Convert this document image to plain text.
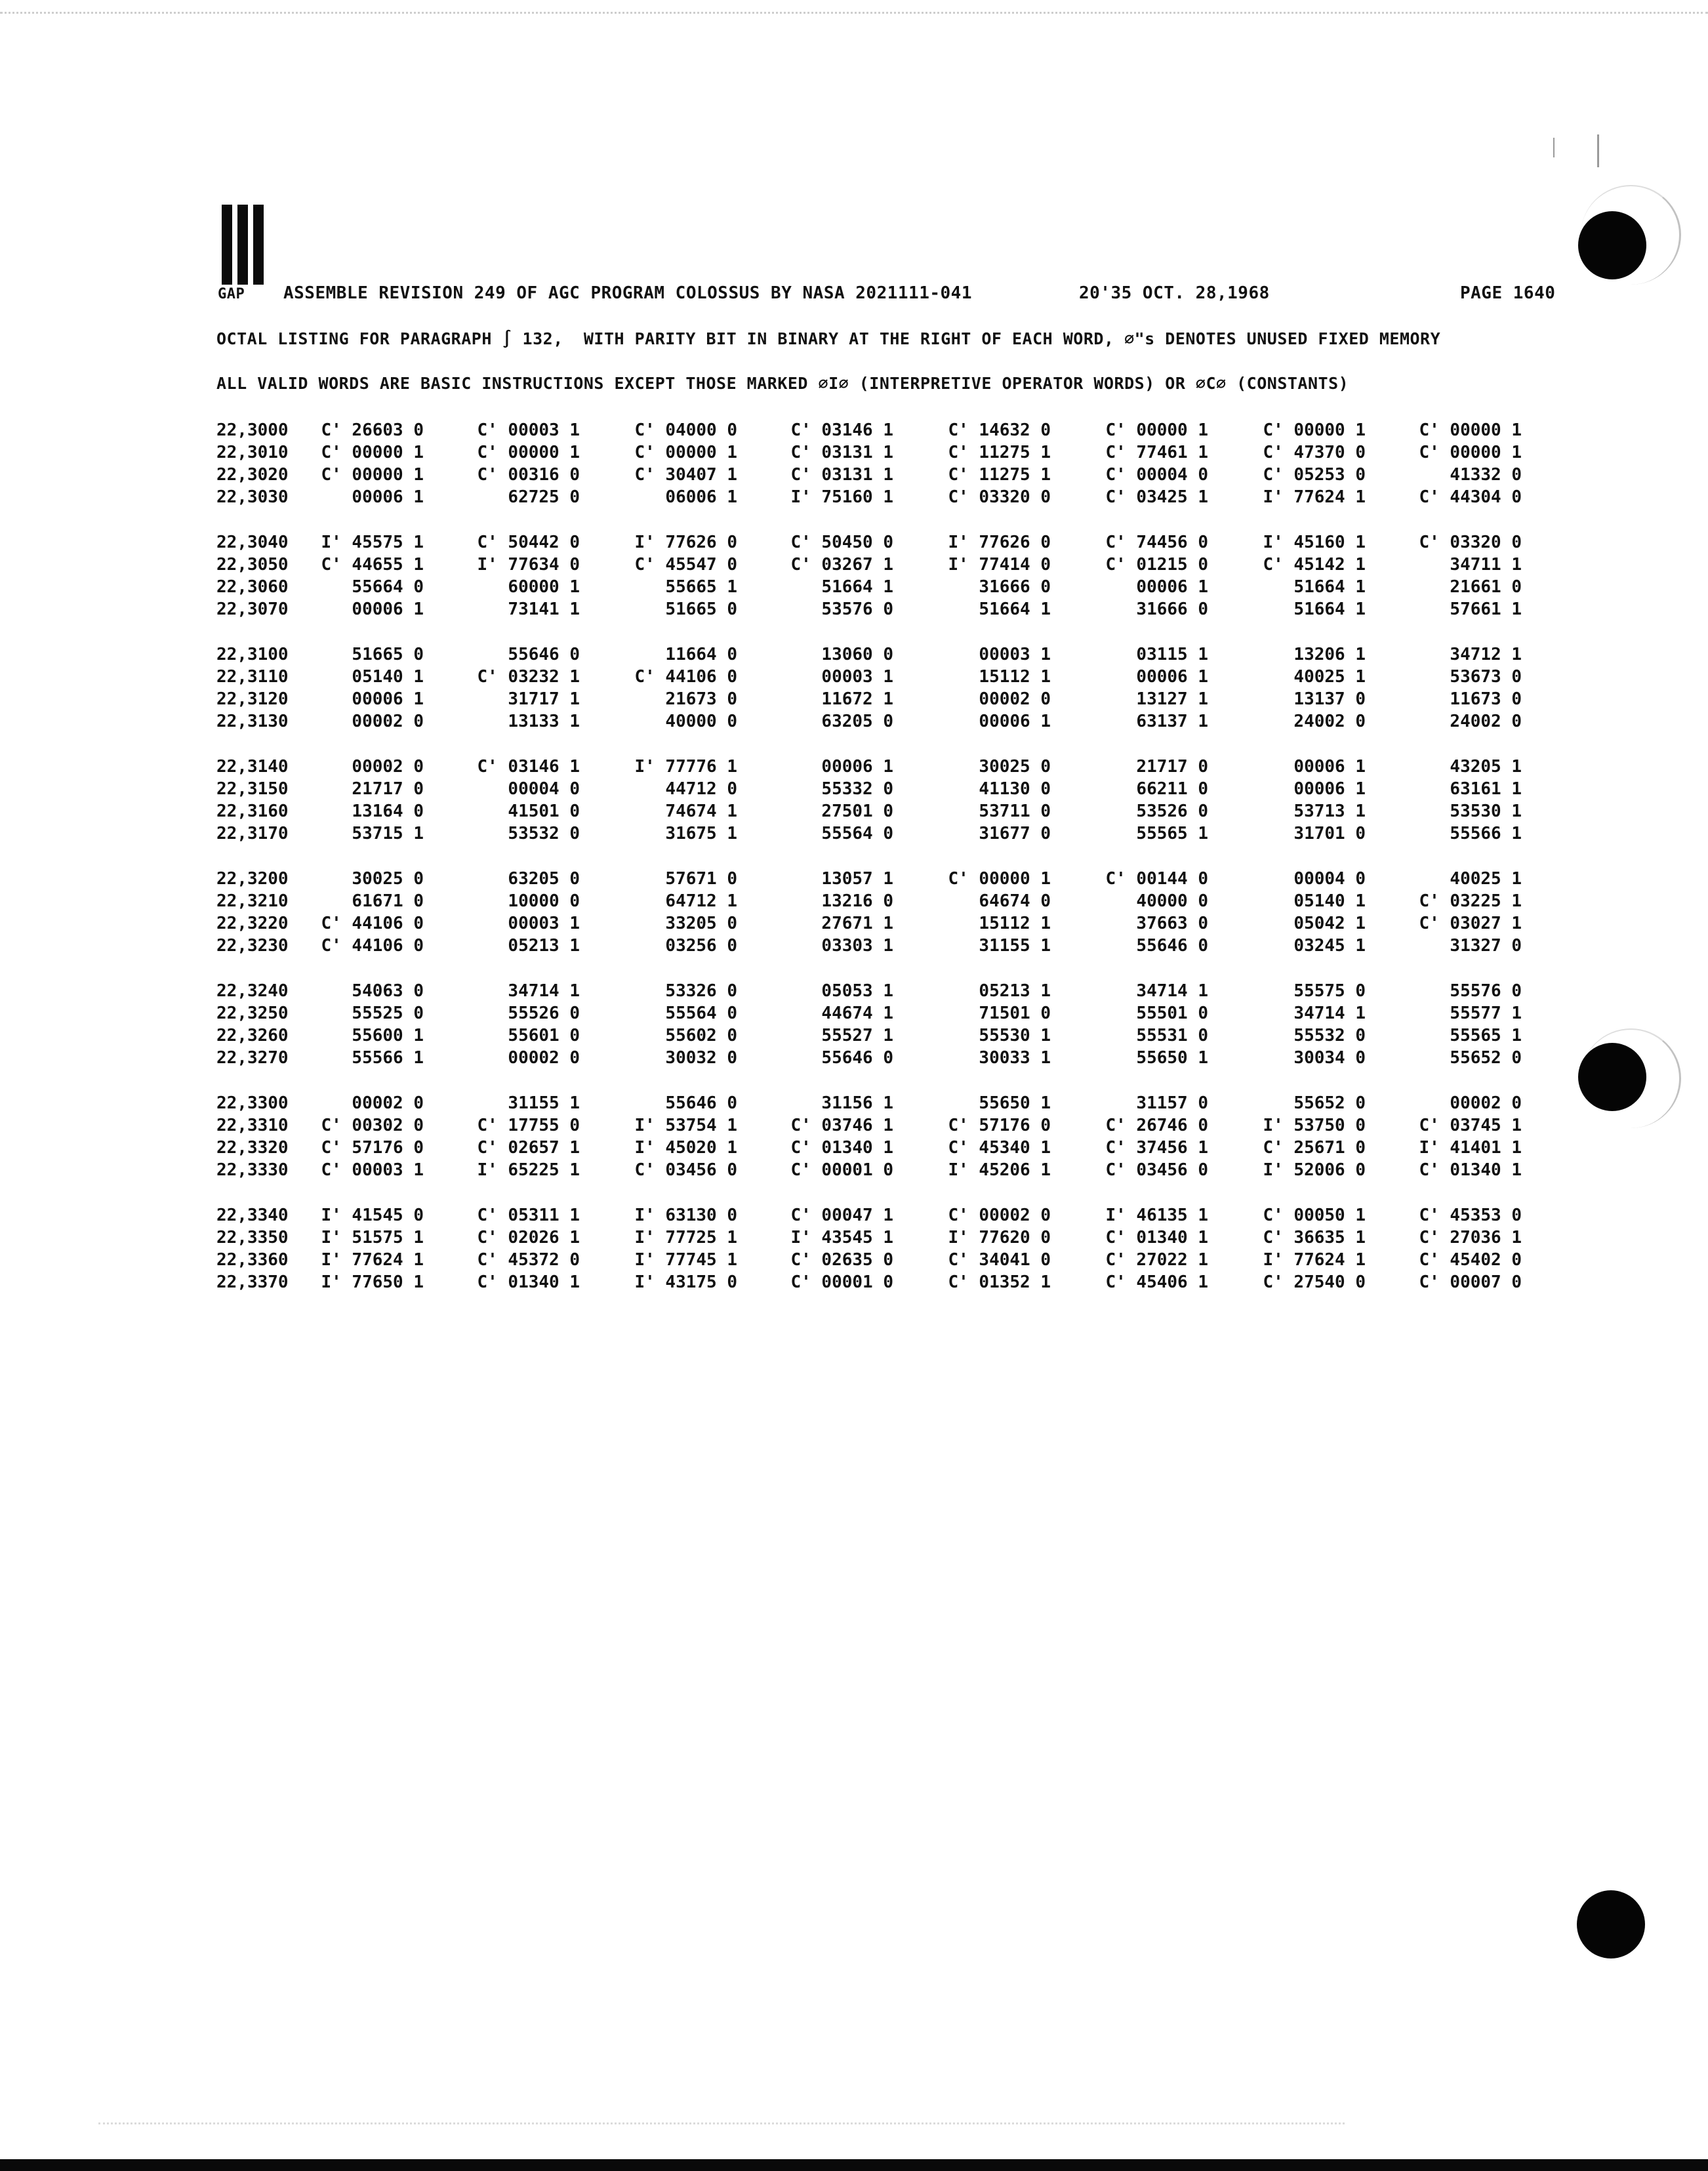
GAP ASSEMBLE REVISION 249 OF AGC PROGRAM COLOSSUS BY NASA 2021111-041	20'35 OCT. 28,1968	PAGE 1640
OCTAL LISTING FOR PARAGRAPH ∫ 132,  WITH PARITY BIT IN BINARY AT THE RIGHT OF EACH WORD, ∅"s DENOTES UNUSED FIXED MEMORY
ALL VALID WORDS ARE BASIC INSTRUCTIONS EXCEPT THOSE MARKED ∅I∅ (INTERPRETIVE OPERATOR WORDS) OR ∅C∅ (CONSTANTS)
22,3000	C' 26603 0	C' 00003 1	C' 04000 0	C' 03146 1	C' 14632 0	C' 00000 1	C' 00000 1	C' 00000 1
22,3010	C' 00000 1	C' 00000 1	C' 00000 1	C' 03131 1	C' 11275 1	C' 77461 1	C' 47370 0	C' 00000 1
22,3020	C' 00000 1	C' 00316 0	C' 30407 1	C' 03131 1	C' 11275 1	C' 00004 0	C' 05253 0	41332 0
22,3030	00006 1	62725 0	06006 1	I' 75160 1	C' 03320 0	C' 03425 1	I' 77624 1	C' 44304 0
22,3040	I' 45575 1	C' 50442 0	I' 77626 0	C' 50450 0	I' 77626 0	C' 74456 0	I' 45160 1	C' 03320 0
22,3050	C' 44655 1	I' 77634 0	C' 45547 0	C' 03267 1	I' 77414 0	C' 01215 0	C' 45142 1	34711 1
22,3060	55664 0	60000 1	55665 1	51664 1	31666 0	00006 1	51664 1	21661 0
22,3070	00006 1	73141 1	51665 0	53576 0	51664 1	31666 0	51664 1	57661 1
22,3100	51665 0	55646 0	11664 0	13060 0	00003 1	03115 1	13206 1	34712 1
22,3110	05140 1	C' 03232 1	C' 44106 0	00003 1	15112 1	00006 1	40025 1	53673 0
22,3120	00006 1	31717 1	21673 0	11672 1	00002 0	13127 1	13137 0	11673 0
22,3130	00002 0	13133 1	40000 0	63205 0	00006 1	63137 1	24002 0	24002 0
22,3140	00002 0	C' 03146 1	I' 77776 1	00006 1	30025 0	21717 0	00006 1	43205 1
22,3150	21717 0	00004 0	44712 0	55332 0	41130 0	66211 0	00006 1	63161 1
22,3160	13164 0	41501 0	74674 1	27501 0	53711 0	53526 0	53713 1	53530 1
22,3170	53715 1	53532 0	31675 1	55564 0	31677 0	55565 1	31701 0	55566 1
22,3200	30025 0	63205 0	57671 0	13057 1	C' 00000 1	C' 00144 0	00004 0	40025 1
22,3210	61671 0	10000 0	64712 1	13216 0	64674 0	40000 0	05140 1	C' 03225 1
22,3220	C' 44106 0	00003 1	33205 0	27671 1	15112 1	37663 0	05042 1	C' 03027 1
22,3230	C' 44106 0	05213 1	03256 0	03303 1	31155 1	55646 0	03245 1	31327 0
22,3240	54063 0	34714 1	53326 0	05053 1	05213 1	34714 1	55575 0	55576 0
22,3250	55525 0	55526 0	55564 0	44674 1	71501 0	55501 0	34714 1	55577 1
22,3260	55600 1	55601 0	55602 0	55527 1	55530 1	55531 0	55532 0	55565 1
22,3270	55566 1	00002 0	30032 0	55646 0	30033 1	55650 1	30034 0	55652 0
22,3300	00002 0	31155 1	55646 0	31156 1	55650 1	31157 0	55652 0	00002 0
22,3310	C' 00302 0	C' 17755 0	I' 53754 1	C' 03746 1	C' 57176 0	C' 26746 0	I' 53750 0	C' 03745 1
22,3320	C' 57176 0	C' 02657 1	I' 45020 1	C' 01340 1	C' 45340 1	C' 37456 1	C' 25671 0	I' 41401 1
22,3330	C' 00003 1	I' 65225 1	C' 03456 0	C' 00001 0	I' 45206 1	C' 03456 0	I' 52006 0	C' 01340 1
22,3340	I' 41545 0	C' 05311 1	I' 63130 0	C' 00047 1	C' 00002 0	I' 46135 1	C' 00050 1	C' 45353 0
22,3350	I' 51575 1	C' 02026 1	I' 77725 1	I' 43545 1	I' 77620 0	C' 01340 1	C' 36635 1	C' 27036 1
22,3360	I' 77624 1	C' 45372 0	I' 77745 1	C' 02635 0	C' 34041 0	C' 27022 1	I' 77624 1	C' 45402 0
22,3370	I' 77650 1	C' 01340 1	I' 43175 0	C' 00001 0	C' 01352 1	C' 45406 1	C' 27540 0	C' 00007 0
